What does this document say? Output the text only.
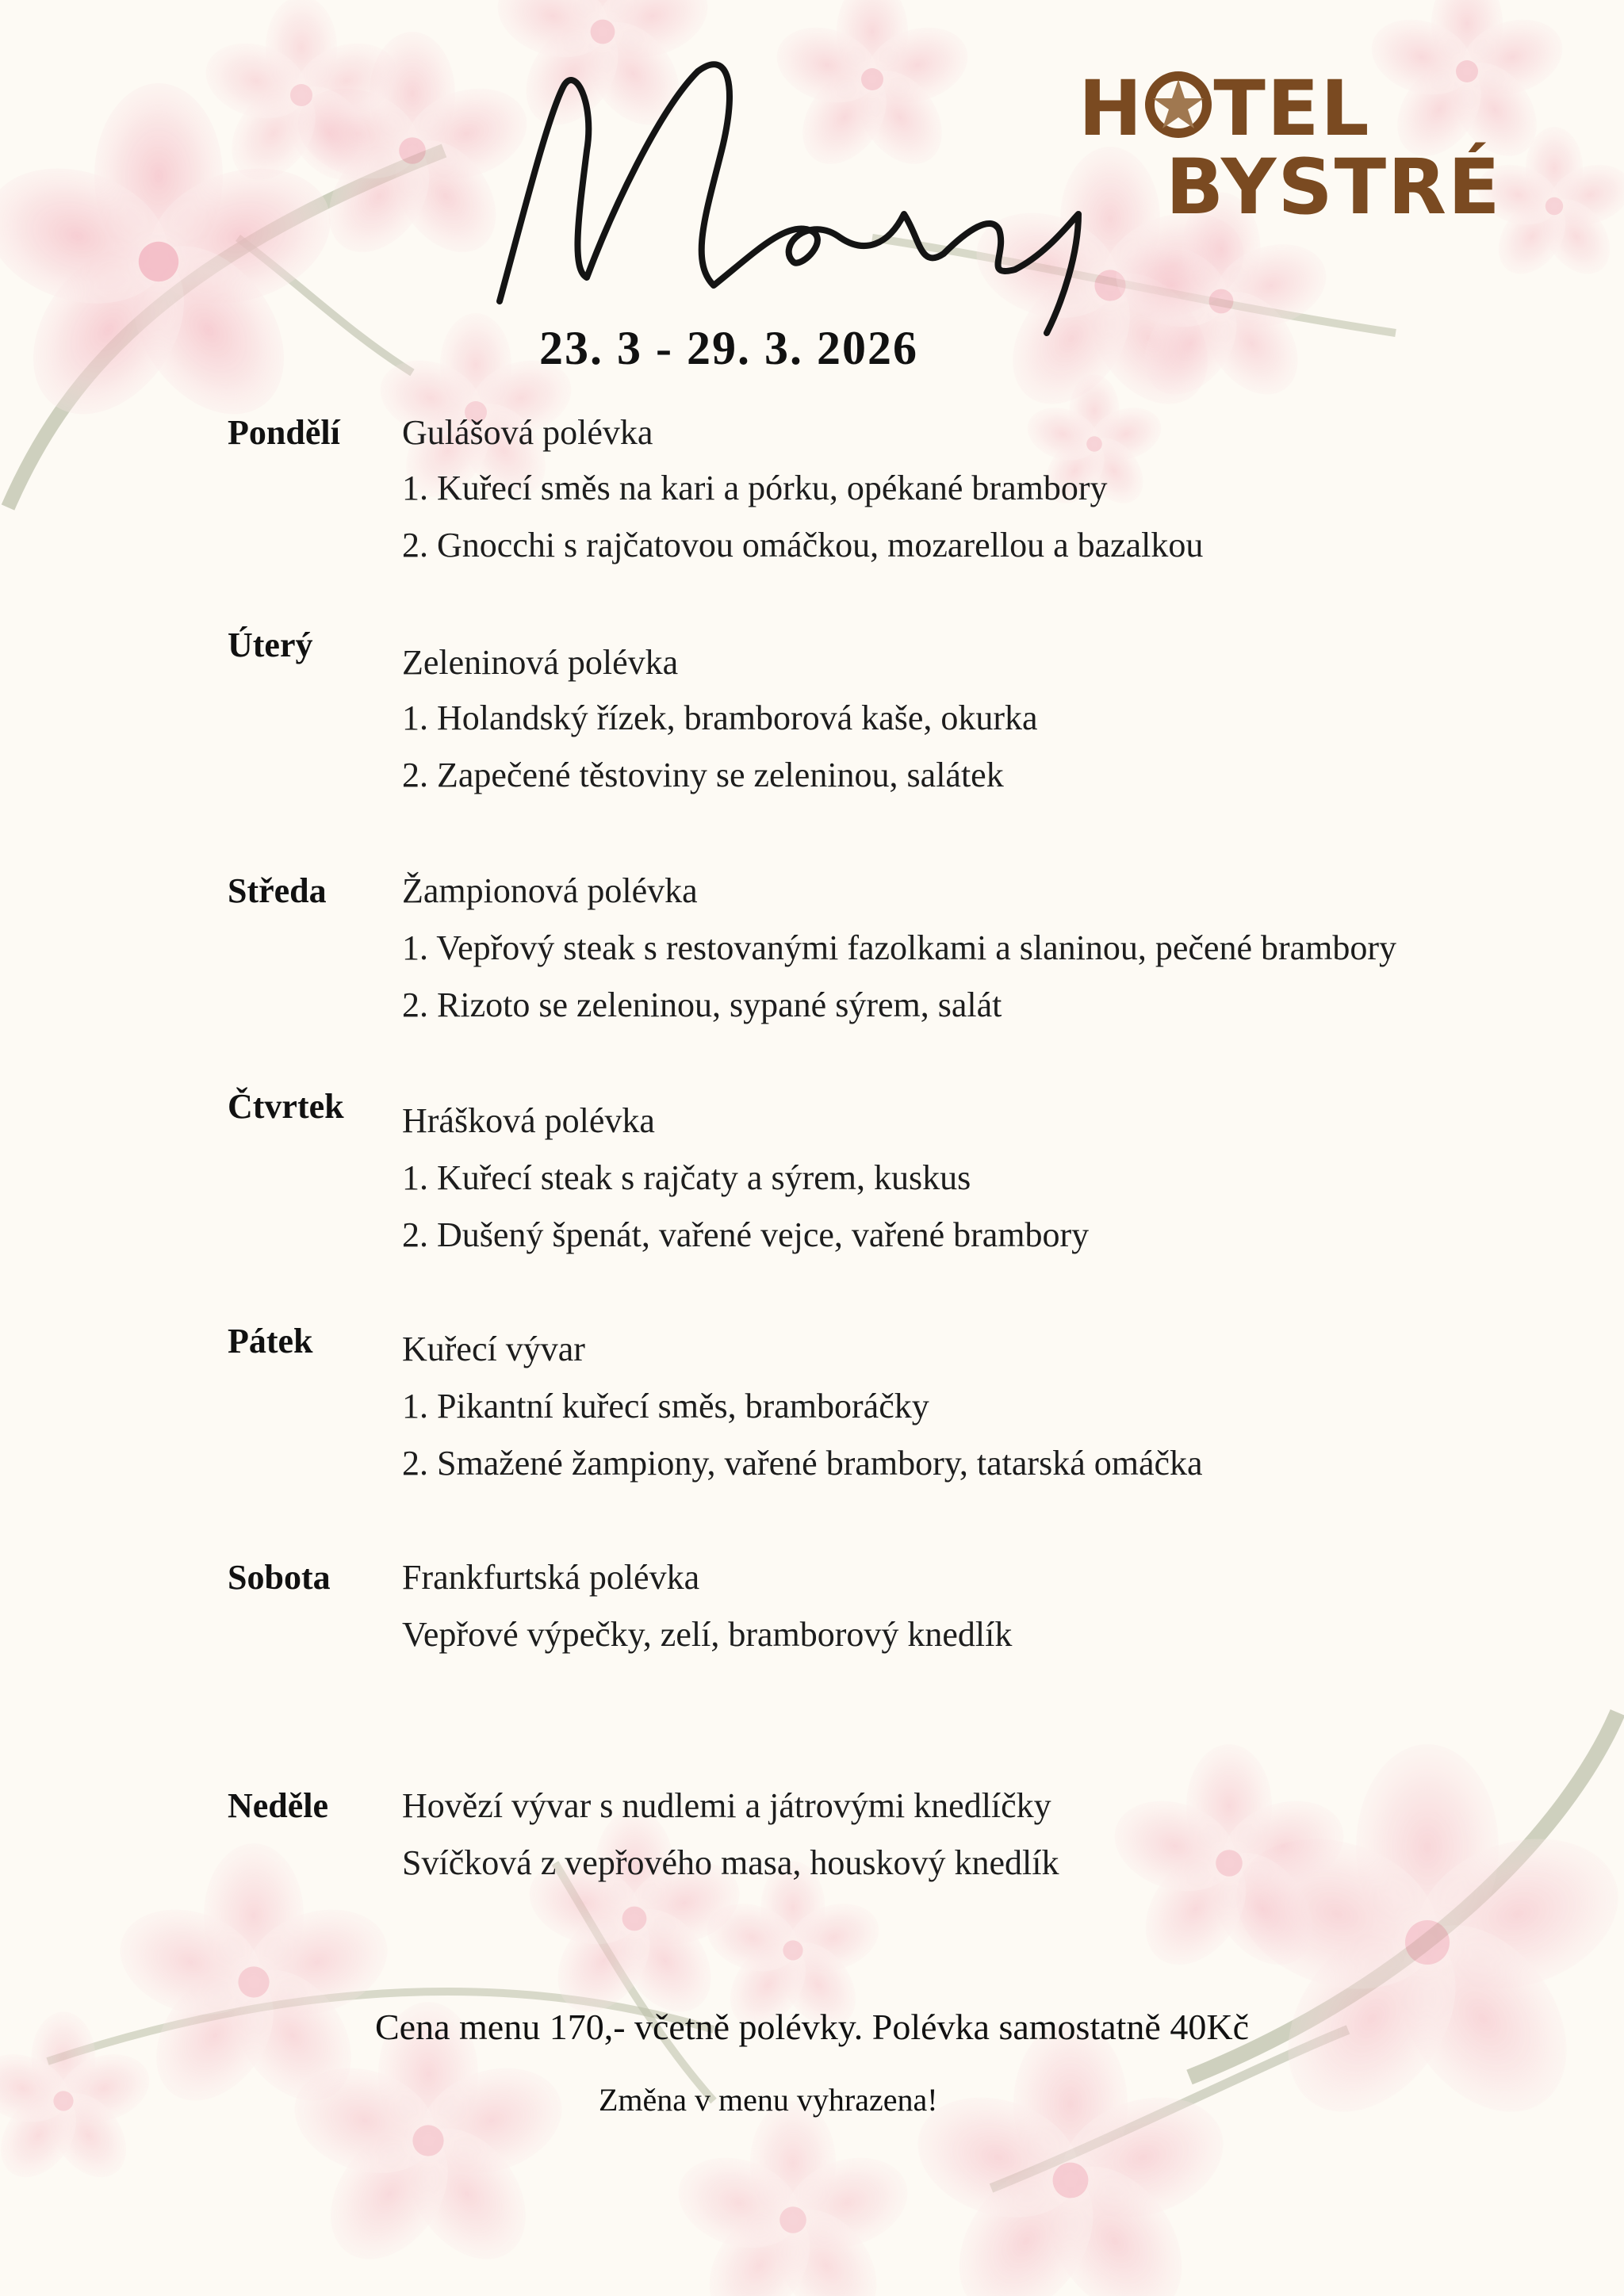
23. 3 - 29. 3. 2026
H TEL
BYSTRÉ
Pondělí Gulášová polévka
1. Kuřecí směs na kari a pórku, opékané brambory
2. Gnocchi s rajčatovou omáčkou, mozarellou a bazalkou
Úterý	Zeleninová polévka
1. Holandský řízek, bramborová kaše, okurka
2. Zapečené těstoviny se zeleninou, salátek
Středa Žampionová polévka
1. Vepřový steak s restovanými fazolkami a slaninou, pečené brambory
2. Rizoto se zeleninou, sypané sýrem, salát
Čtvrtek Hrášková polévka
1. Kuřecí steak s rajčaty a sýrem, kuskus
2. Dušený špenát, vařené vejce, vařené brambory
Pátek	Kuřecí vývar
1. Pikantní kuřecí směs, bramboráčky
2. Smažené žampiony, vařené brambory, tatarská omáčka
Sobota Frankfurtská polévka
Vepřové výpečky, zelí, bramborový knedlík
Neděle Hovězí vývar s nudlemi a játrovými knedlíčky
Svíčková z vepřového masa, houskový knedlík
Cena menu 170,- včetně polévky. Polévka samostatně 40Kč
Změna v menu vyhrazena!
